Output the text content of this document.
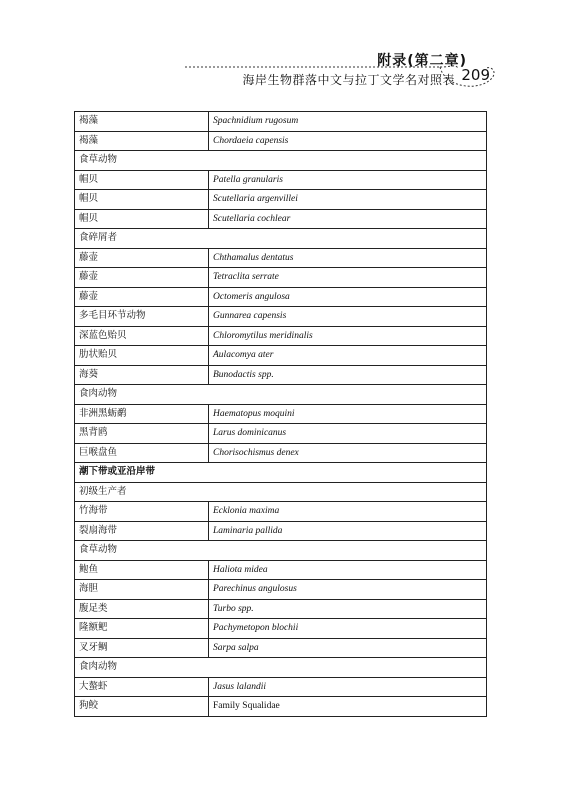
附录(第二章)
海岸生物群落中文与拉丁文学名对照表 209
褐藻	Spachnidium rugosum
褐藻	Chordaeia capensis
食草动物	
帽贝	Patella granularis
帽贝	Scutellaria argenvillei
帽贝	Scutellaria cochlear
食碎屑者	
藤壶	Chthamalus dentatus
藤壶	Tetraclita serrate
藤壶	Octomeris angulosa
多毛目环节动物	Gunnarea capensis
深蓝色贻贝	Chloromytilus meridinalis
肋状贻贝	Aulacomya ater
海葵	Bunodactis spp.
食肉动物	
非洲黑蛎鹬	Haematopus moquini
黑背鸥	Larus dominicanus
巨喉盘鱼	Chorisochismus denex
潮下带或亚沿岸带	
初级生产者	
竹海带	Ecklonia maxima
裂扇海带	Laminaria pallida
食草动物	
鲍鱼	Haliota midea
海胆	Parechinus angulosus
腹足类	Turbo spp.
隆额鲃	Pachymetopon blochii
叉牙鲷	Sarpa salpa
食肉动物	
大螯虾	Jasus lalandii
狗鲛	Family Squalidae
